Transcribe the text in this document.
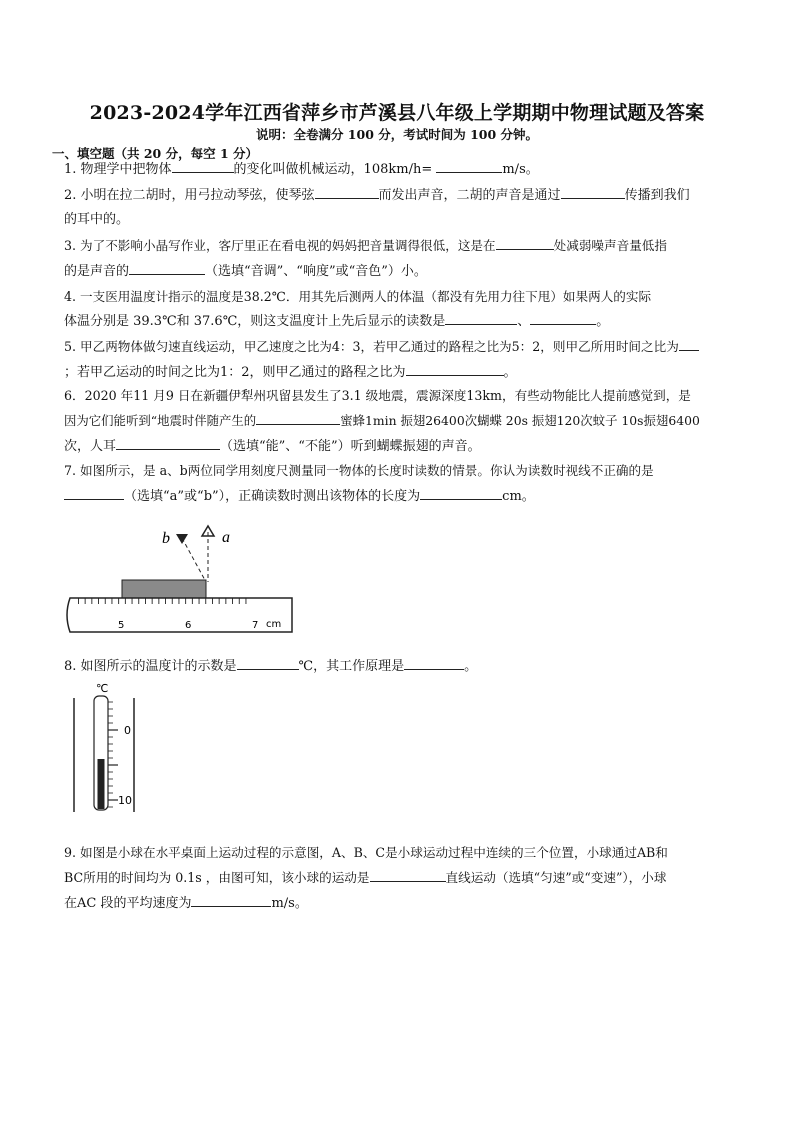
2023-2024学年江西省萍乡市芦溪县八年级上学期期中物理试题及答案
说明：全卷满分 100 分，考试时间为 100 分钟。
一、填空题（共 20 分，每空 1 分）
1. 物理学中把物体	的变化叫做机械运动，108km/h=	m/s。
2. 小明在拉二胡时，用弓拉动琴弦，使琴弦	而发出声音，二胡的声音是通过	传播到我们
的耳中的。
3. 为了不影响小晶写作业，客厅里正在看电视的妈妈把音量调得很低，这是在	处减弱噪声音量低指
的是声音的	（选填“音调”、“响度”或“音色”）小。
4. 一支医用温度计指示的温度是38.2℃．用其先后测两人的体温（都没有先用力往下甩）如果两人的实际
体温分别是 39.3℃和 37.6℃，则这支温度计上先后显示的读数是	、	。
5. 甲乙两物体做匀速直线运动，甲乙速度之比为4：3，若甲乙通过的路程之比为5：2，则甲乙所用时间之比为
；若甲乙运动的时间之比为1：2，则甲乙通过的路程之比为	。
6．2020 年11 月9 日在新疆伊犁州巩留县发生了3.1 级地震，震源深度13km，有些动物能比人提前感觉到，是
因为它们能听到“地震时伴随产生的	蜜蜂1min 振翅26400次蝴蝶 20s 振翅120次蚊子 10s振翅6400
次，人耳	（选填“能”、“不能”）听到蝴蝶振翅的声音。
7. 如图所示，是 a、b两位同学用刻度尺测量同一物体的长度时读数的情景。你认为读数时视线不正确的是
（选填“a”或“b”），正确读数时测出该物体的长度为	cm。
b	a
5	6	7 cm
8. 如图所示的温度计的示数是	℃，其工作原理是	。
℃
0
10
9. 如图是小球在水平桌面上运动过程的示意图，A、B、C是小球运动过程中连续的三个位置，小球通过AB和
BC所用的时间均为 0.1s ，由图可知，该小球的运动是	直线运动（选填“匀速”或“变速”），小球
在AC 段的平均速度为	m/s。
